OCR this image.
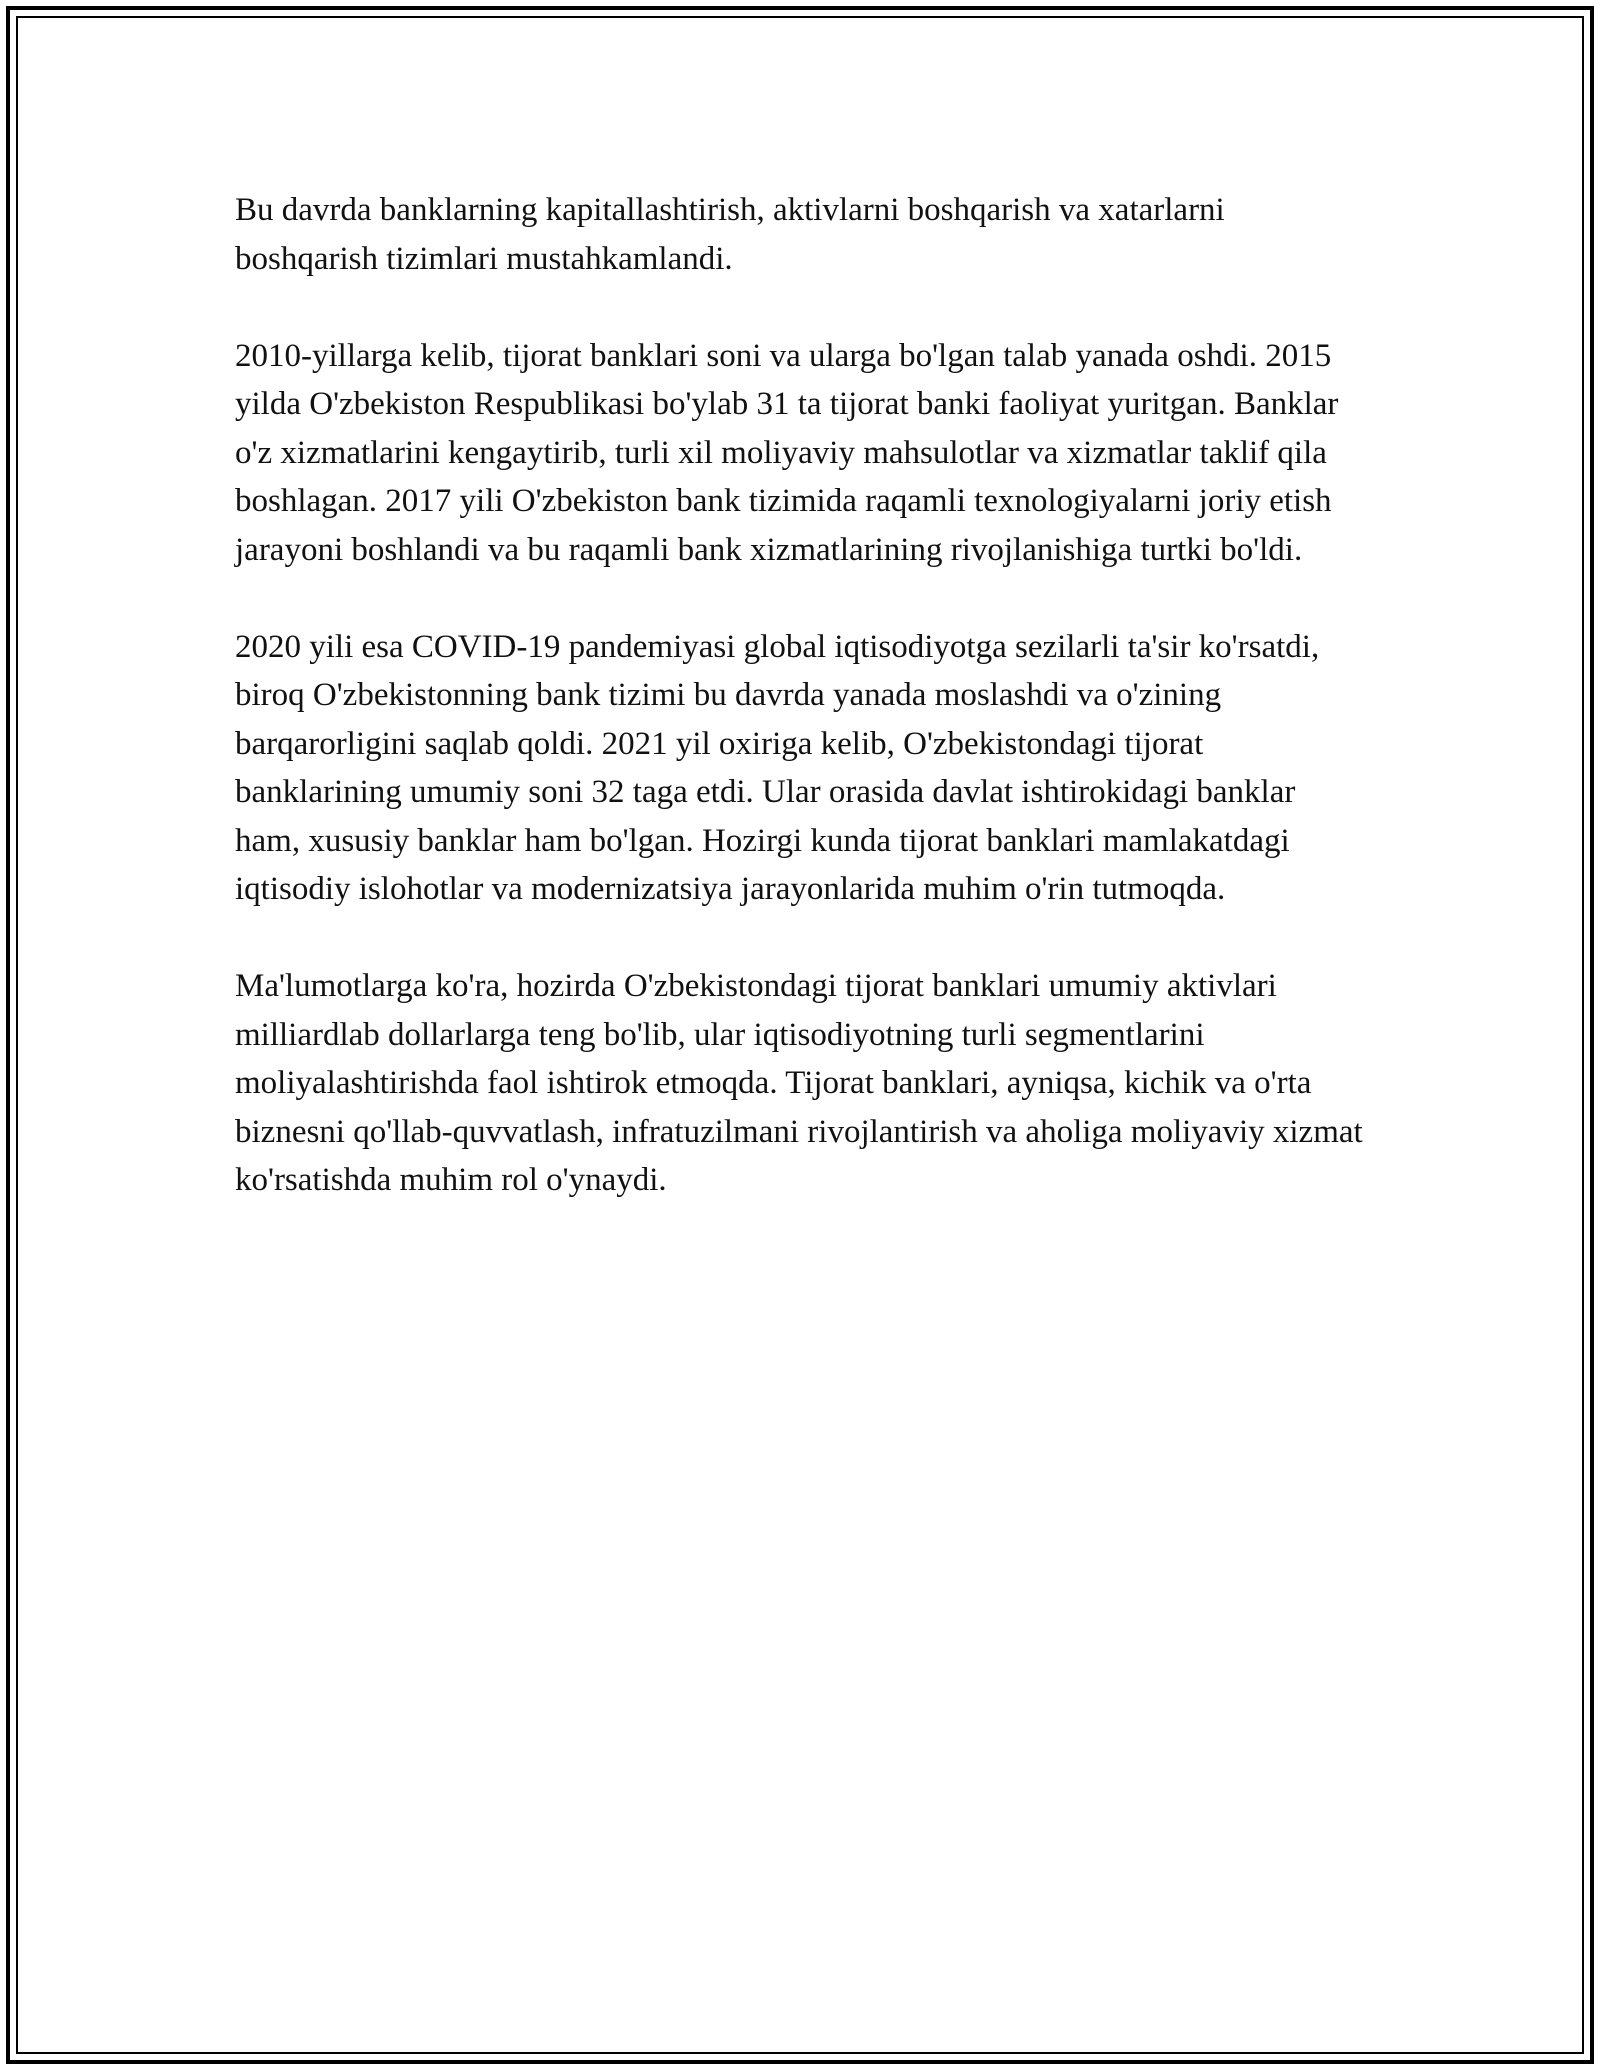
Bu davrda banklarning kapitallashtirish, aktivlarni boshqarish va xatarlarni boshqarish tizimlari mustahkamlandi.

2010-yillarga kelib, tijorat banklari soni va ularga bo'lgan talab yanada oshdi. 2015 yilda O'zbekiston Respublikasi bo'ylab 31 ta tijorat banki faoliyat yuritgan. Banklar o'z xizmatlarini kengaytirib, turli xil moliyaviy mahsulotlar va xizmatlar taklif qila boshlagan. 2017 yili O'zbekiston bank tizimida raqamli texnologiyalarni joriy etish jarayoni boshlandi va bu raqamli bank xizmatlarining rivojlanishiga turtki bo'ldi.

2020 yili esa COVID-19 pandemiyasi global iqtisodiyotga sezilarli ta'sir ko'rsatdi, biroq O'zbekistonning bank tizimi bu davrda yanada moslashdi va o'zining barqarorligini saqlab qoldi. 2021 yil oxiriga kelib, O'zbekistondagi tijorat banklarining umumiy soni 32 taga etdi. Ular orasida davlat ishtirokidagi banklar ham, xususiy banklar ham bo'lgan. Hozirgi kunda tijorat banklari mamlakatdagi iqtisodiy islohotlar va modernizatsiya jarayonlarida muhim o'rin tutmoqda.

Ma'lumotlarga ko'ra, hozirda O'zbekistondagi tijorat banklari umumiy aktivlari milliardlab dollarlarga teng bo'lib, ular iqtisodiyotning turli segmentlarini moliyalashtirishda faol ishtirok etmoqda. Tijorat banklari, ayniqsa, kichik va o'rta biznesni qo'llab-quvvatlash, infratuzilmani rivojlantirish va aholiga moliyaviy xizmat ko'rsatishda muhim rol o'ynaydi.
